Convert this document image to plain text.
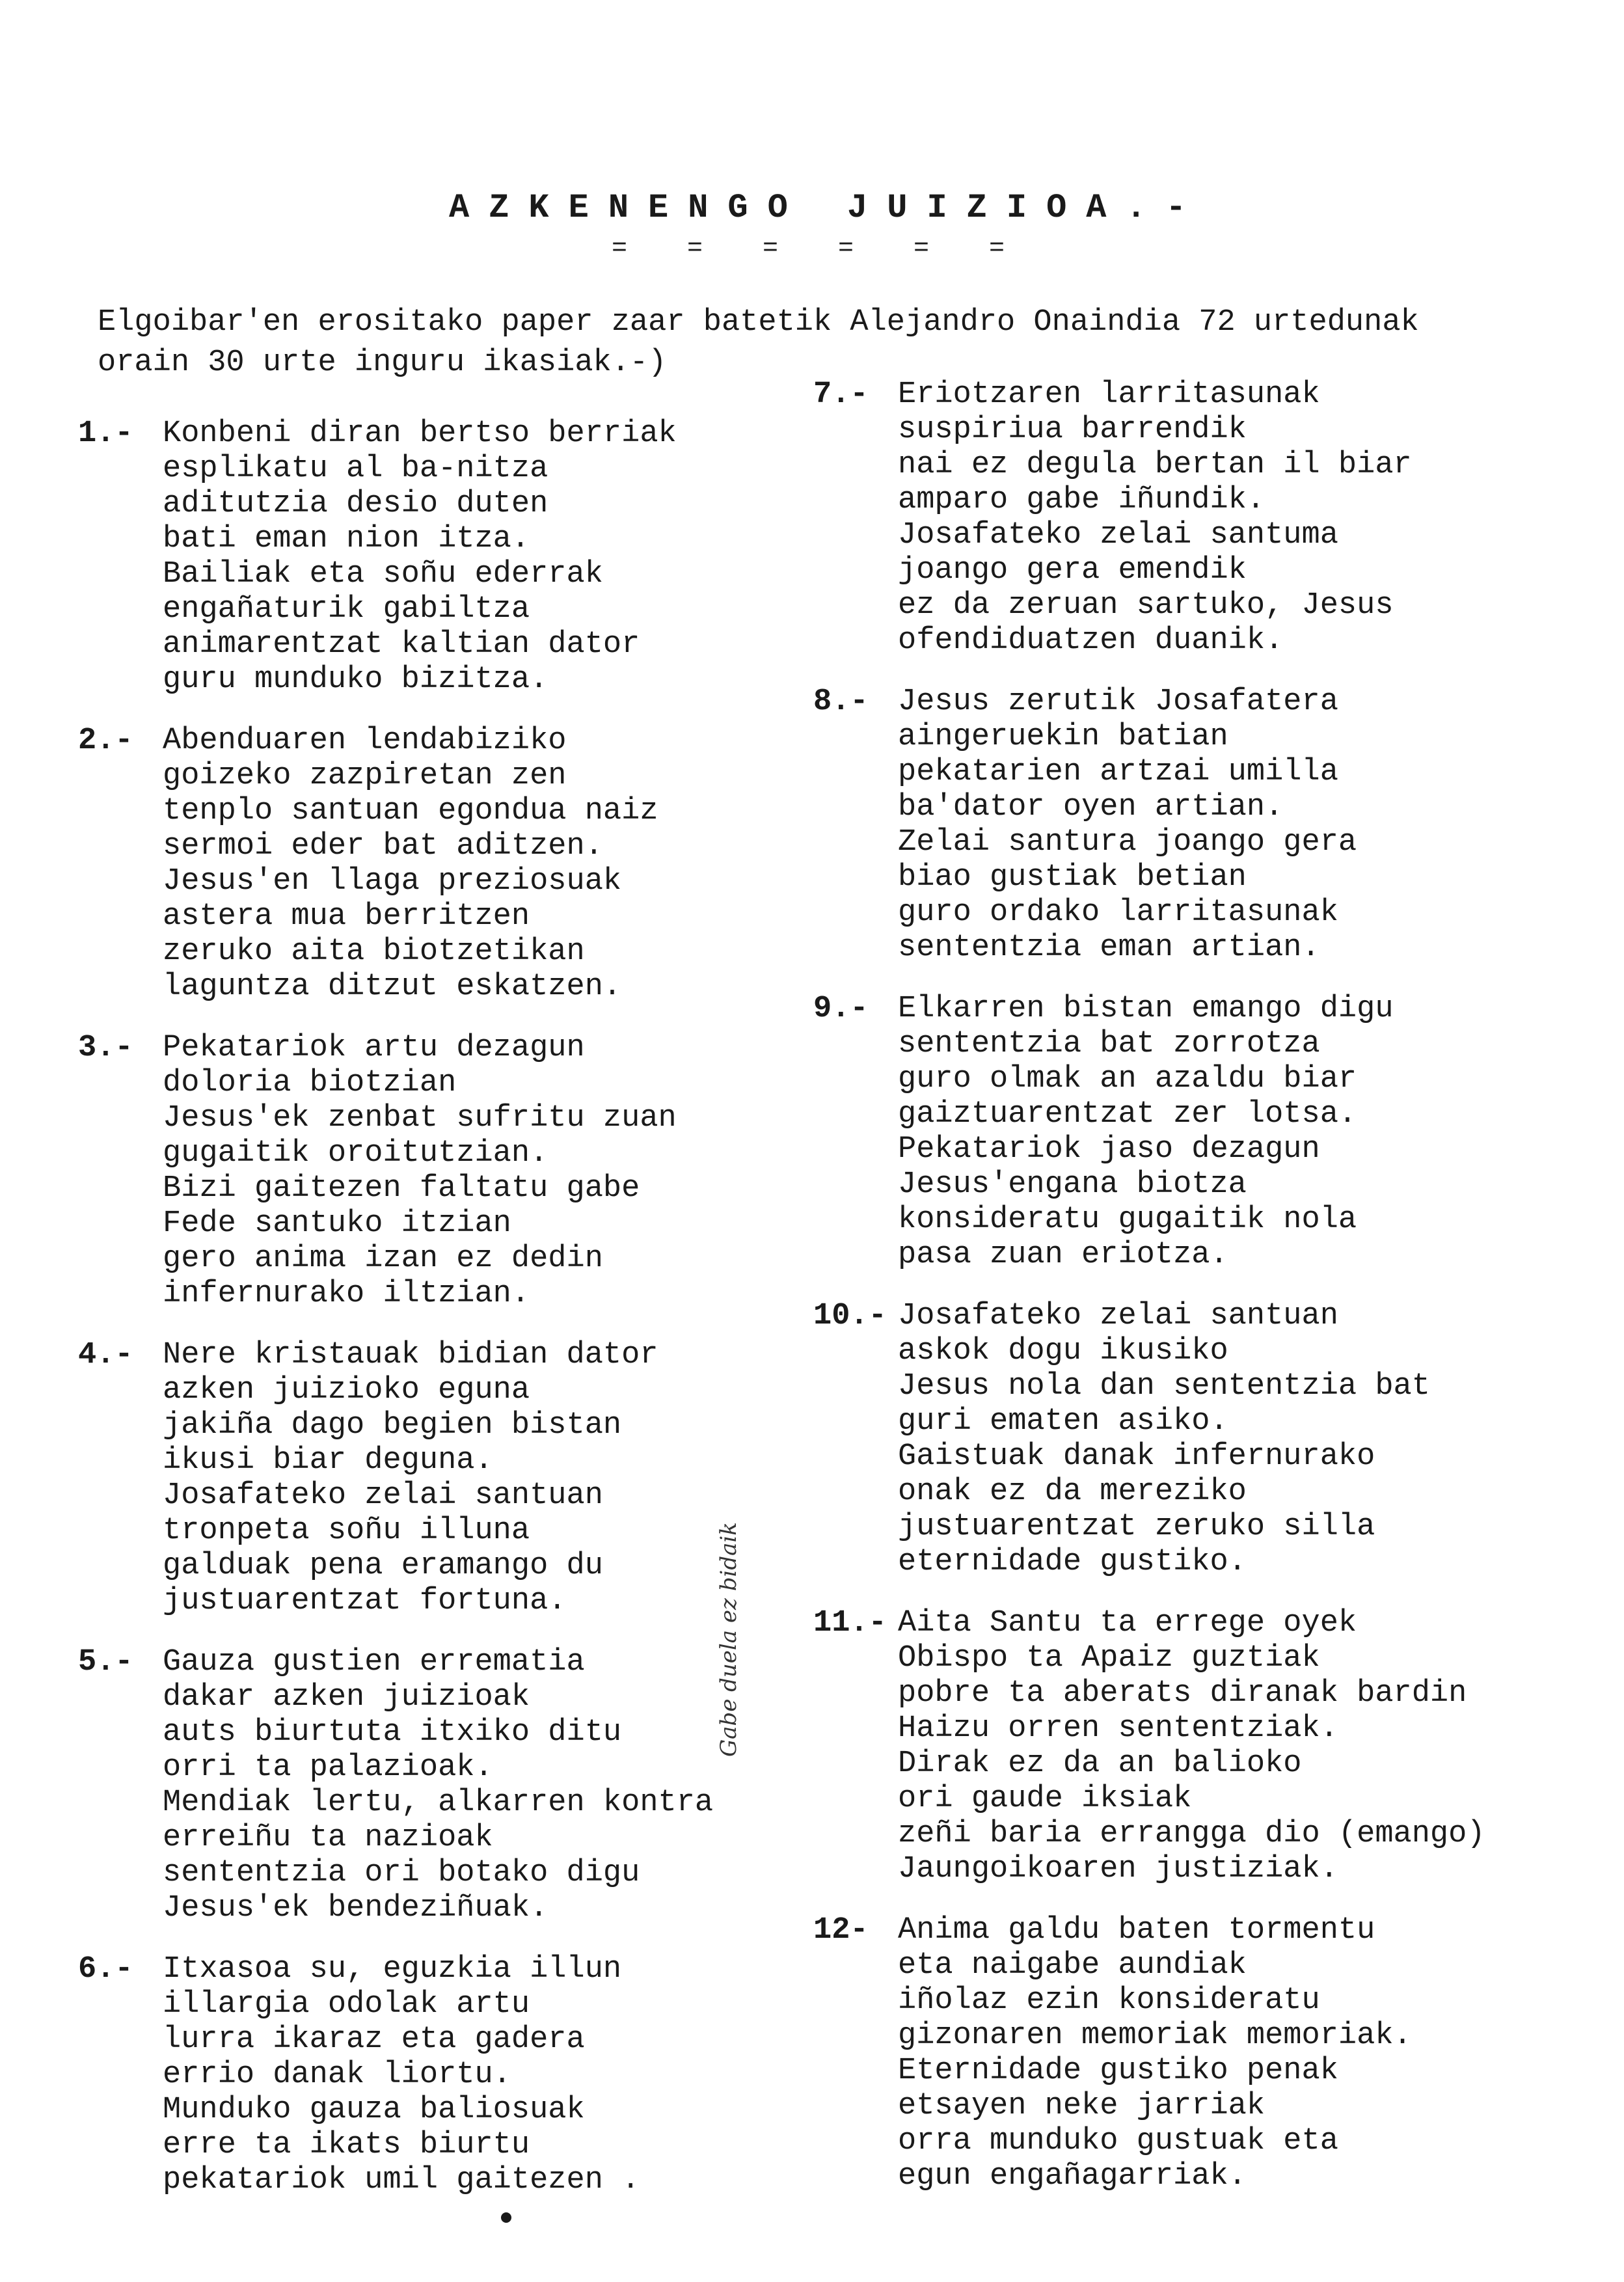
AZKENENGO JUIZIOA.-
= = = = = =
Elgoibar'en erositako paper zaar batetik Alejandro Onaindia 72 urtedunak
orain 30 urte inguru ikasiak.-)
1.- Konbeni diran bertso berriak
esplikatu al ba-nitza
aditutzia desio duten
bati eman nion itza.
Bailiak eta soñu ederrak
engañaturik gabiltza
animarentzat kaltian dator
guru munduko bizitza.
2.- Abenduaren lendabiziko
goizeko zazpiretan zen
tenplo santuan egondua naiz
sermoi eder bat aditzen.
Jesus'en llaga preziosuak
astera mua berritzen
zeruko aita biotzetikan
laguntza ditzut eskatzen.
3.- Pekatariok artu dezagun
doloria biotzian
Jesus'ek zenbat sufritu zuan
gugaitik oroitutzian.
Bizi gaitezen faltatu gabe
Fede santuko itzian
gero anima izan ez dedin
infernurako iltzian.
4.- Nere kristauak bidian dator
azken juizioko eguna
jakiña dago begien bistan
ikusi biar deguna.
Josafateko zelai santuan
tronpeta soñu illuna
galduak pena eramango du
justuarentzat fortuna.
5.- Gauza gustien errematia
dakar azken juizioak
auts biurtuta itxiko ditu
orri ta palazioak.
Mendiak lertu, alkarren kontra
erreiñu ta nazioak
sententzia ori botako digu
Jesus'ek bendeziñuak.
6.- Itxasoa su, eguzkia illun
illargia odolak artu
lurra ikaraz eta gadera
errio danak liortu.
Munduko gauza baliosuak
erre ta ikats biurtu
pekatariok umil gaitezen .
7.- Eriotzaren larritasunak
suspiriua barrendik
nai ez degula bertan il biar
amparo gabe iñundik.
Josafateko zelai santuma
joango gera emendik
ez da zeruan sartuko, Jesus
ofendiduatzen duanik.
8.- Jesus zerutik Josafatera
aingeruekin batian
pekatarien artzai umilla
ba'dator oyen artian.
Zelai santura joango gera
biao gustiak betian
guro ordako larritasunak
sententzia eman artian.
9.- Elkarren bistan emango digu
sententzia bat zorrotza
guro olmak an azaldu biar
gaiztuarentzat zer lotsa.
Pekatariok jaso dezagun
Jesus'engana biotza
konsideratu gugaitik nola
pasa zuan eriotza.
10.- Josafateko zelai santuan
askok dogu ikusiko
Jesus nola dan sententzia bat
guri ematen asiko.
Gaistuak danak infernurako
onak ez da mereziko
justuarentzat zeruko silla
eternidade gustiko.
11.- Aita Santu ta errege oyek
Obispo ta Apaiz guztiak
pobre ta aberats diranak bardin
Haizu orren sententziak.
Dirak ez da an balioko
ori gaude iksiak
zeñi baria errangga dio (emango)
Jaungoikoaren justiziak.
12- Anima galdu baten tormentu
eta naigabe aundiak
iñolaz ezin konsideratu
gizonaren memoriak memoriak.
Eternidade gustiko penak
etsayen neke jarriak
orra munduko gustuak eta
egun engañagarriak.
Gabe duela ez bidaik
